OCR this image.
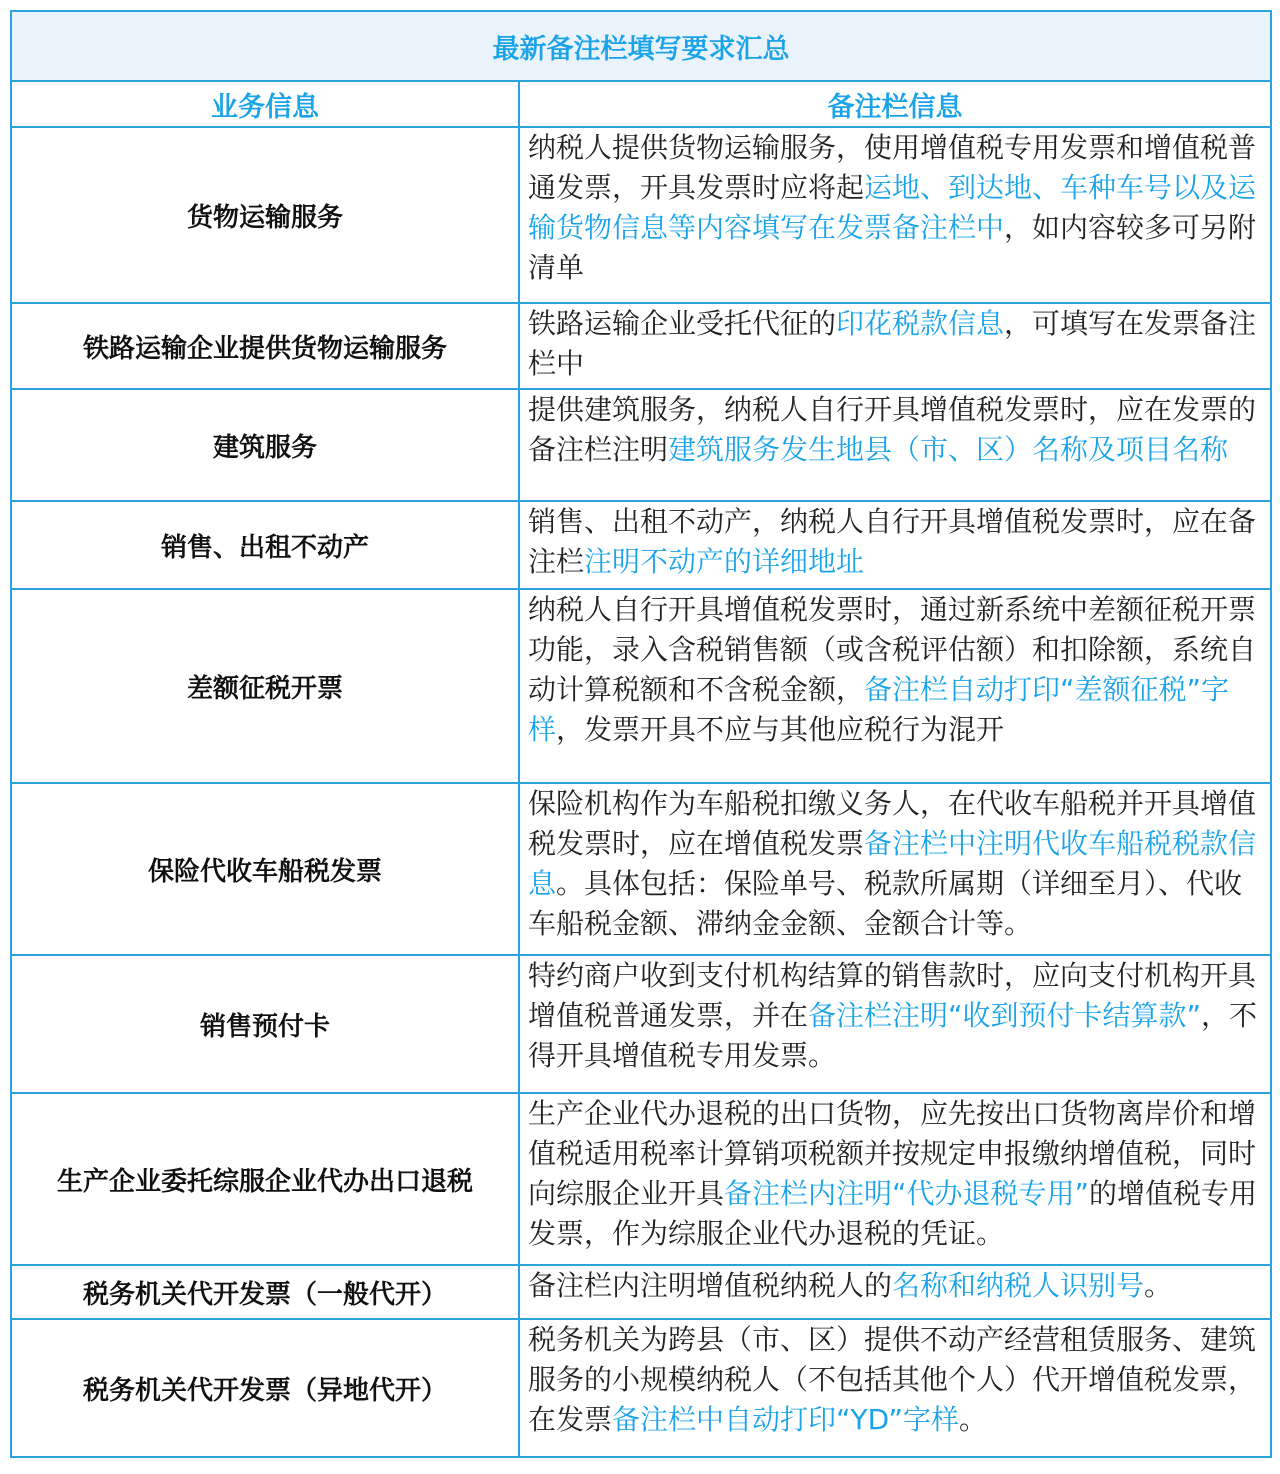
最新备注栏填写要求汇总	
业务信息	备注栏信息
货物运输服务	纳税人提供货物运输服务，使用增值税专用发票和增值税普通发票，开具发票时应将起运地、到达地、车种车号以及运输货物信息等内容填写在发票备注栏中，如内容较多可另附清单

铁路运输企业提供货物运输服务	铁路运输企业受托代征的印花税款信息，可填写在发票备注栏中

建筑服务	提供建筑服务，纳税人自行开具增值税发票时，应在发票的备注栏注明建筑服务发生地县（市、区）名称及项目名称

销售、出租不动产	销售、出租不动产，纳税人自行开具增值税发票时，应在备注栏注明不动产的详细地址

差额征税开票	纳税人自行开具增值税发票时，通过新系统中差额征税开票功能，录入含税销售额（或含税评估额）和扣除额，系统自动计算税额和不含税金额，备注栏自动打印“差额征税”字样，发票开具不应与其他应税行为混开

保险代收车船税发票	保险机构作为车船税扣缴义务人，在代收车船税并开具增值税发票时，应在增值税发票备注栏中注明代收车船税税款信息。具体包括：保险单号、税款所属期（详细至月）、代收车船税金额、滞纳金金额、金额合计等。

销售预付卡	特约商户收到支付机构结算的销售款时，应向支付机构开具增值税普通发票，并在备注栏注明“收到预付卡结算款”，不得开具增值税专用发票。

生产企业委托综服企业代办出口退税	生产企业代办退税的出口货物，应先按出口货物离岸价和增值税适用税率计算销项税额并按规定申报缴纳增值税，同时向综服企业开具备注栏内注明“代办退税专用”的增值税专用发票，作为综服企业代办退税的凭证。

税务机关代开发票（一般代开）	备注栏内注明增值税纳税人的名称和纳税人识别号。

税务机关代开发票（异地代开）	税务机关为跨县（市、区）提供不动产经营租赁服务、建筑服务的小规模纳税人（不包括其他个人）代开增值税发票，在发票备注栏中自动打印“YD”字样。
